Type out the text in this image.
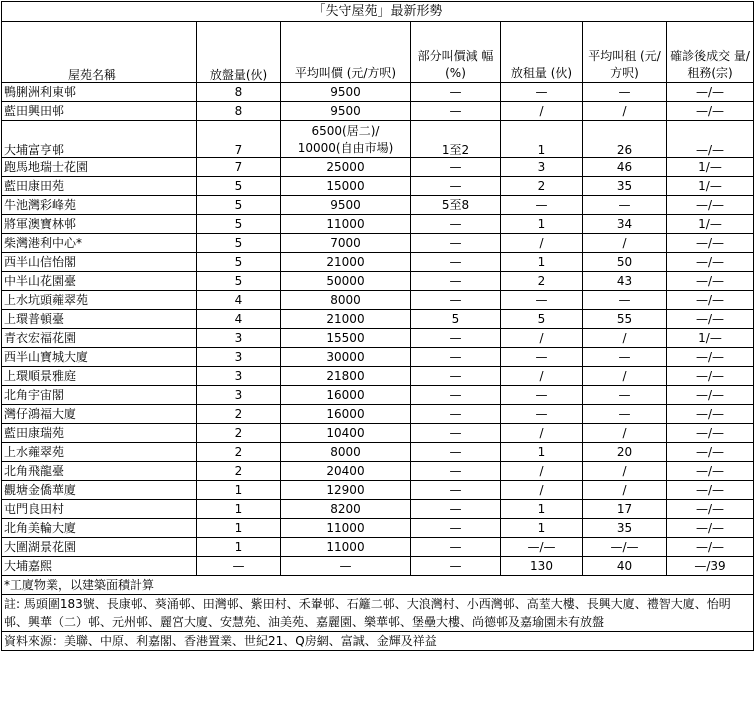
「失守屋苑」最新形勢						
屋苑名稱	放盤量(伙)	平均叫價 (元/方呎)	部分叫價減 幅(%)	放租量 (伙)	平均叫租 (元/方呎)	確診後成交 量/租務(宗)
鴨脷洲利東邨	8	9500	—	—	—	—/—
藍田興田邨	8	9500	—	/	/	—/—
大埔富亨邨	7	6500(居二)/
10000(自由市場)	1至2	1	26	—/—
跑馬地瑞士花園	7	25000	—	3	46	1/—
藍田康田苑	5	15000	—	2	35	1/—
牛池灣彩峰苑	5	9500	5至8	—	—	—/—
將軍澳寶林邨	5	11000	—	1	34	1/—
柴灣港利中心*	5	7000	—	/	/	—/—
西半山信怡閣	5	21000	—	1	50	—/—
中半山花園臺	5	50000	—	2	43	—/—
上水坑頭蕹翠苑	4	8000	—	—	—	—/—
上環普頓臺	4	21000	5	5	55	—/—
青衣宏福花園	3	15500	—	/	/	1/—
西半山寶城大廈	3	30000	—	—	—	—/—
上環順景雅庭	3	21800	—	/	/	—/—
北角宇宙閣	3	16000	—	—	—	—/—
灣仔鴻福大廈	2	16000	—	—	—	—/—
藍田康瑞苑	2	10400	—	/	/	—/—
上水蕹翠苑	2	8000	—	1	20	—/—
北角飛龍臺	2	20400	—	/	/	—/—
觀塘金僑華廈	1	12900	—	/	/	—/—
屯門良田村	1	8200	—	1	17	—/—
北角美輪大廈	1	11000	—	1	35	—/—
大圍湖景花園	1	11000	—	—/—	—/—	—/—
大埔嘉熙	—	—	—	130	40	—/39
*工廈物業，以建築面積計算						
註: 馬頭圍183號、長康邨、葵涌邨、田灣邨、紫田村、禾輋邨、石籬二邨、大浪灣村、小西灣邨、高荎大樓、長興大廈、禮智大廈、怡明邨、興華（二）邨、元州邨、麗宮大廈、安慧苑、油美苑、嘉麗園、樂華邨、堡壘大樓、尚德邨及嘉瑜園未有放盤						
資料來源：美聯、中原、利嘉閣、香港置業、世紀21、Q房網、富誠、金輝及祥益						
